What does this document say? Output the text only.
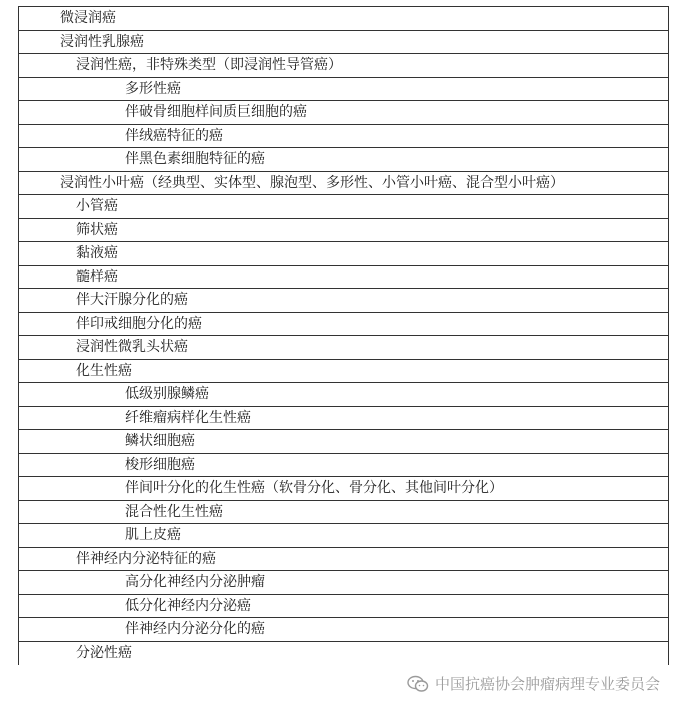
微浸润癌
浸润性乳腺癌
浸润性癌，非特殊类型（即浸润性导管癌）
多形性癌
伴破骨细胞样间质巨细胞的癌
伴绒癌特征的癌
伴黑色素细胞特征的癌
浸润性小叶癌（经典型、实体型、腺泡型、多形性、小管小叶癌、混合型小叶癌）
小管癌
筛状癌
黏液癌
髓样癌
伴大汗腺分化的癌
伴印戒细胞分化的癌
浸润性微乳头状癌
化生性癌
低级别腺鳞癌
纤维瘤病样化生性癌
鳞状细胞癌
梭形细胞癌
伴间叶分化的化生性癌（软骨分化、骨分化、其他间叶分化）
混合性化生性癌
肌上皮癌
伴神经内分泌特征的癌
高分化神经内分泌肿瘤
低分化神经内分泌癌
伴神经内分泌分化的癌
分泌性癌
中国抗癌协会肿瘤病理专业委员会
